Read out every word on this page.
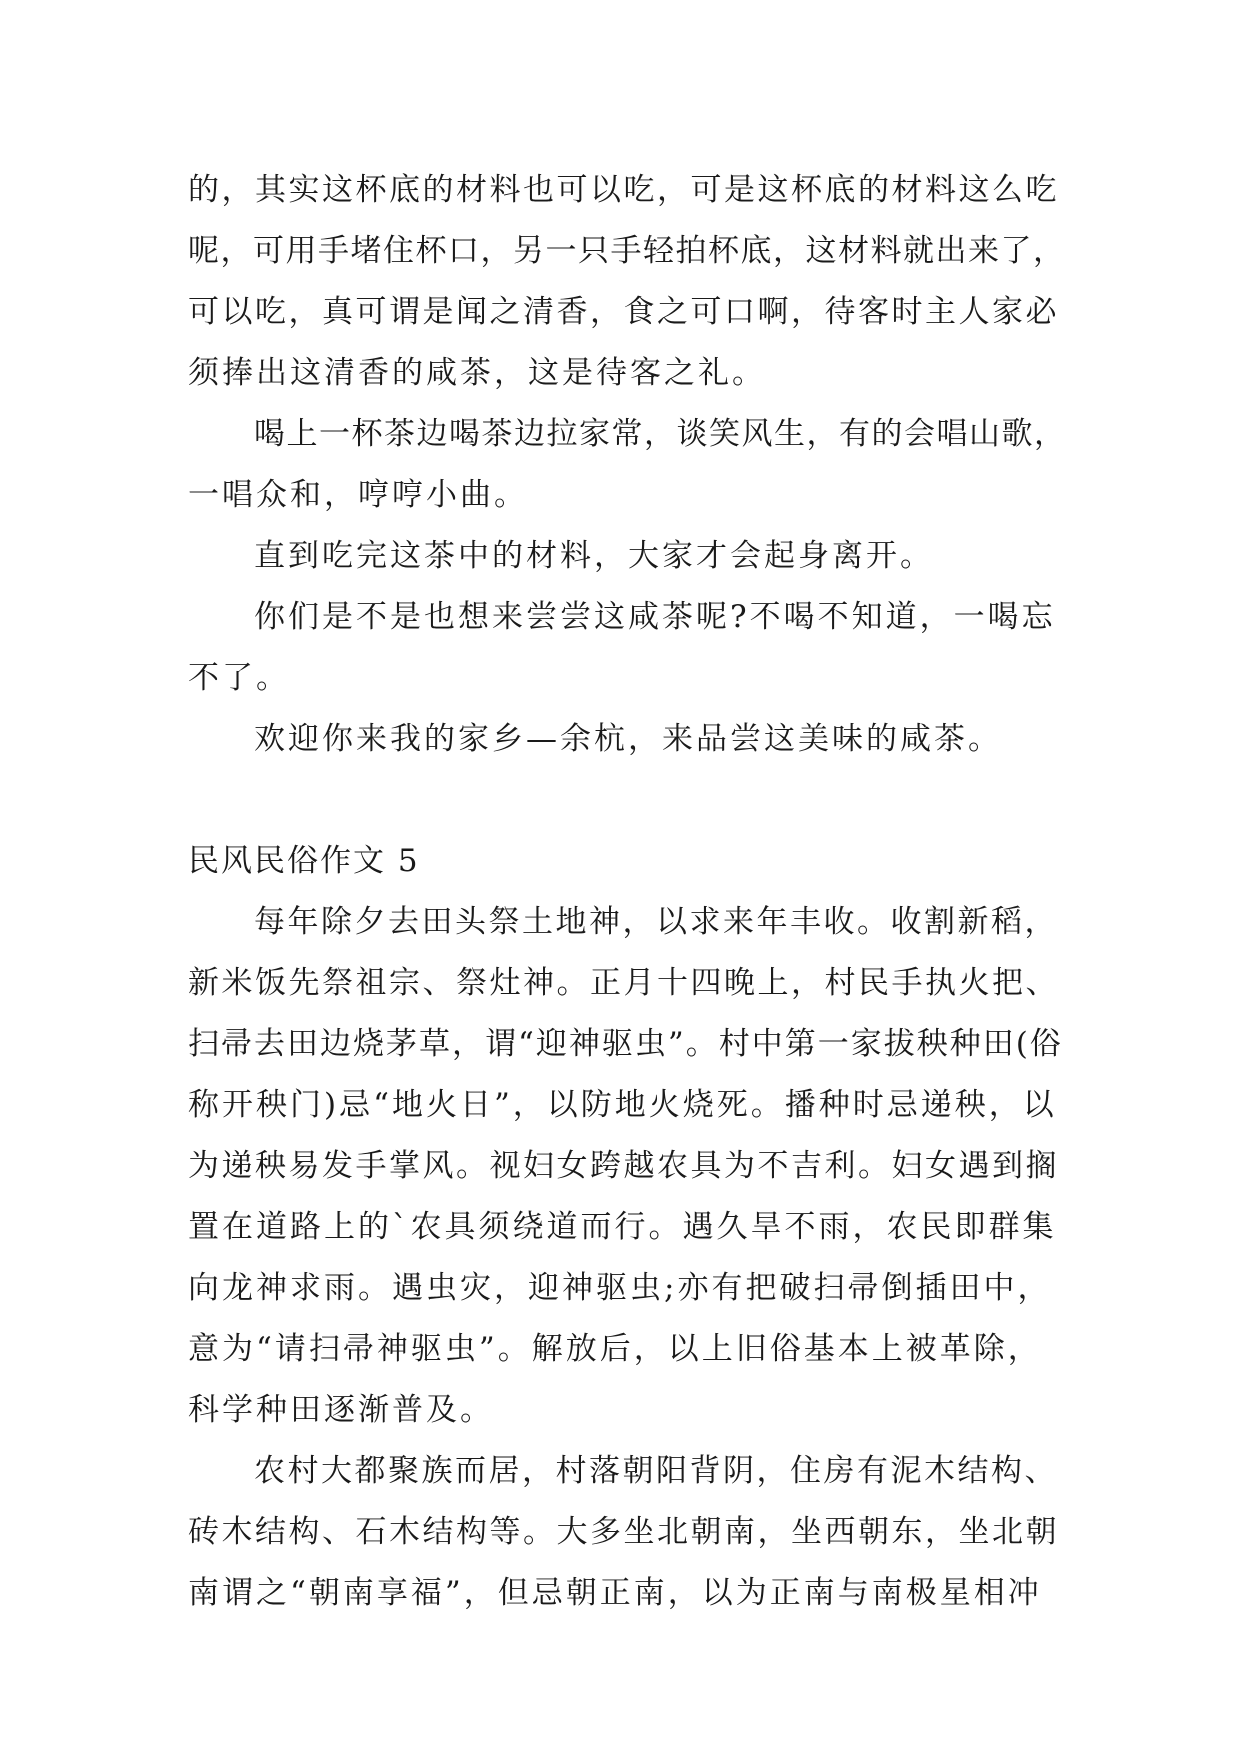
的，其实这杯底的材料也可以吃，可是这杯底的材料这么吃
呢，可用手堵住杯口，另一只手轻拍杯底，这材料就出来了，
可以吃，真可谓是闻之清香，食之可口啊，待客时主人家必
须捧出这清香的咸茶，这是待客之礼。
喝上一杯茶边喝茶边拉家常，谈笑风生，有的会唱山歌，
一唱众和，哼哼小曲。
直到吃完这茶中的材料，大家才会起身离开。
你们是不是也想来尝尝这咸茶呢?不喝不知道，一喝忘
不了。
欢迎你来我的家乡—余杭，来品尝这美味的咸茶。
民风民俗作文 5
每年除夕去田头祭土地神，以求来年丰收。收割新稻，
新米饭先祭祖宗、祭灶神。正月十四晚上，村民手执火把、
扫帚去田边烧茅草，谓“迎神驱虫”。村中第一家拔秧种田(俗
称开秧门)忌“地火日”，以防地火烧死。播种时忌递秧，以
为递秧易发手掌风。视妇女跨越农具为不吉利。妇女遇到搁
置在道路上的`农具须绕道而行。遇久旱不雨，农民即群集
向龙神求雨。遇虫灾，迎神驱虫;亦有把破扫帚倒插田中，
意为“请扫帚神驱虫”。解放后，以上旧俗基本上被革除，
科学种田逐渐普及。
农村大都聚族而居，村落朝阳背阴，住房有泥木结构、
砖木结构、石木结构等。大多坐北朝南，坐西朝东，坐北朝
南谓之“朝南享福”，但忌朝正南，以为正南与南极星相冲
